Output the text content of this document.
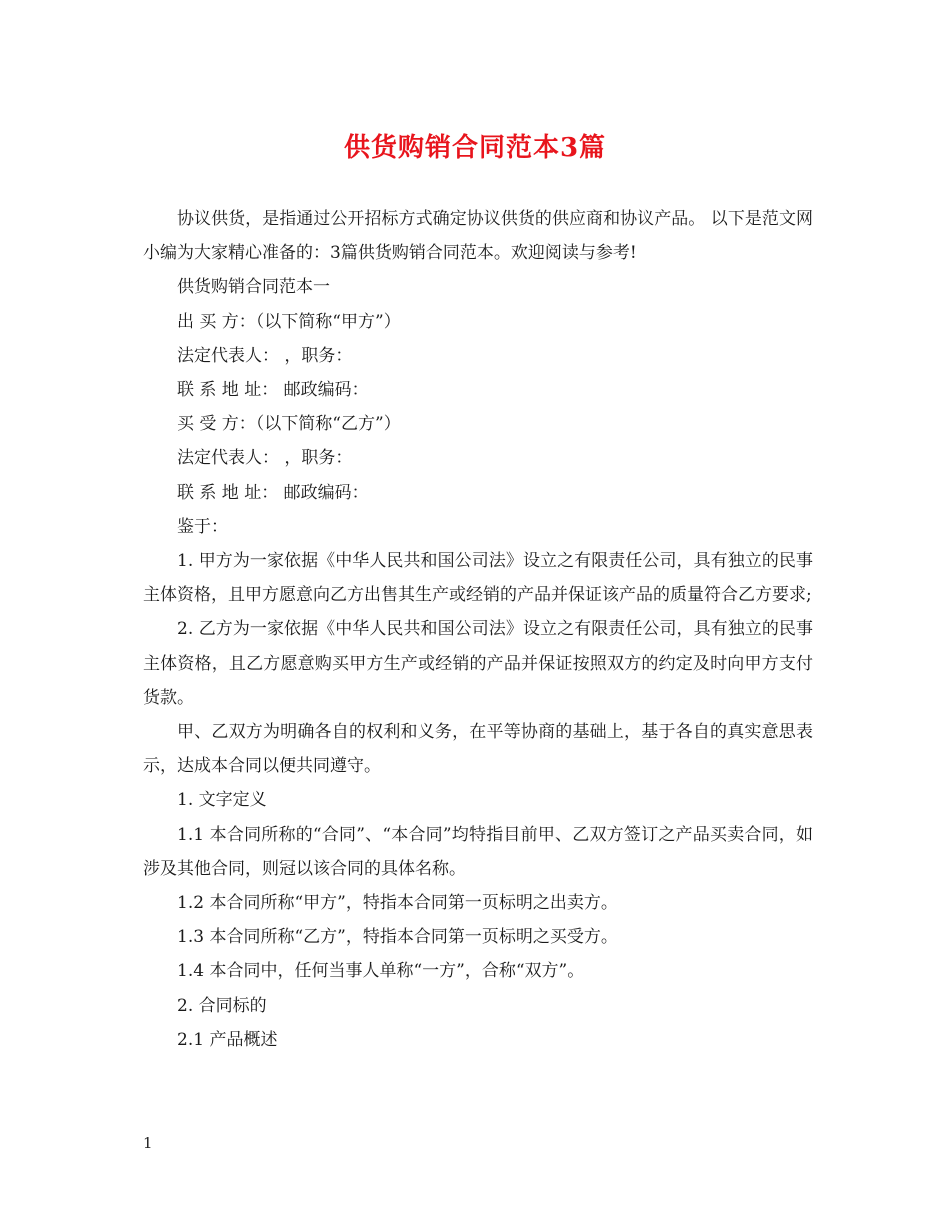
供货购销合同范本3篇

协议供货，是指通过公开招标方式确定协议供货的供应商和协议产品。 以下是范文网小编为大家精心准备的：3篇供货购销合同范本。欢迎阅读与参考!

供货购销合同范本一

出 买 方：（以下简称“甲方”）

法定代表人： ，职务：

联 系 地 址： 邮政编码：

买 受 方：（以下简称“乙方”）

法定代表人： ，职务：

联 系 地 址： 邮政编码：

鉴于：

1. 甲方为一家依据《中华人民共和国公司法》设立之有限责任公司，具有独立的民事主体资格，且甲方愿意向乙方出售其生产或经销的产品并保证该产品的质量符合乙方要求;

2. 乙方为一家依据《中华人民共和国公司法》设立之有限责任公司，具有独立的民事主体资格，且乙方愿意购买甲方生产或经销的产品并保证按照双方的约定及时向甲方支付货款。

甲、乙双方为明确各自的权利和义务，在平等协商的基础上，基于各自的真实意思表示，达成本合同以便共同遵守。

1. 文字定义

1.1 本合同所称的“合同”、“本合同”均特指目前甲、乙双方签订之产品买卖合同，如涉及其他合同，则冠以该合同的具体名称。

1.2 本合同所称“甲方”，特指本合同第一页标明之出卖方。

1.3 本合同所称“乙方”，特指本合同第一页标明之买受方。

1.4 本合同中，任何当事人单称“一方”，合称“双方”。

2. 合同标的

2.1 产品概述

1
